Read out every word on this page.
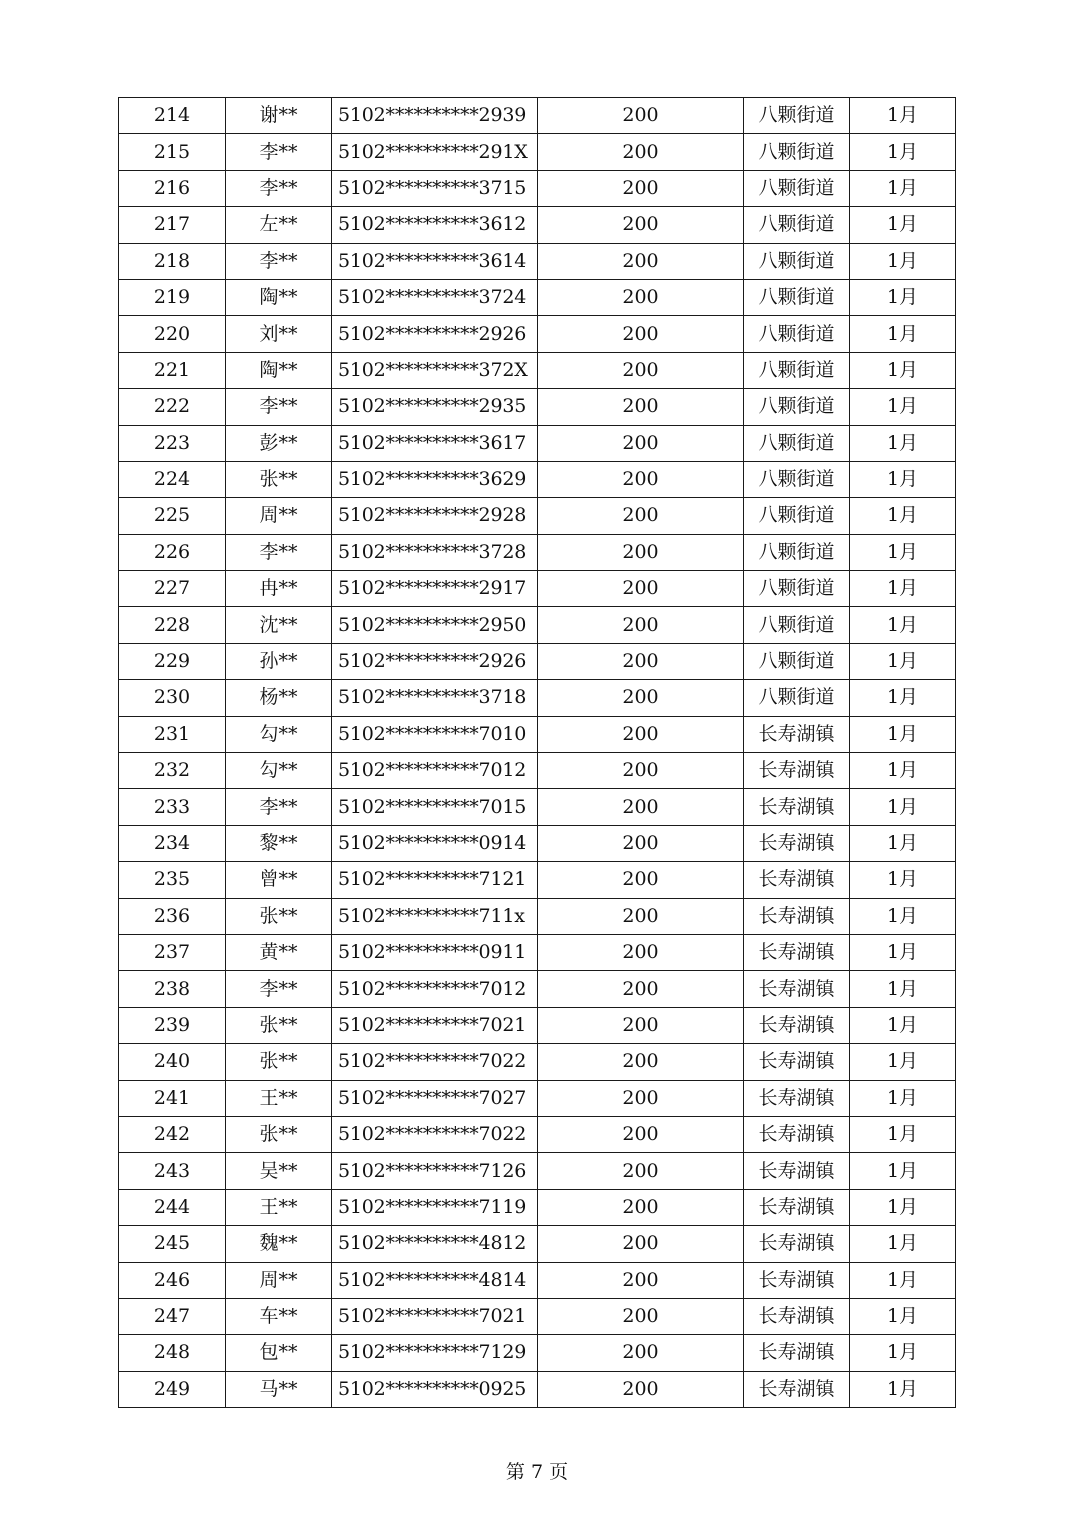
214	谢**	5102**********2939	200	八颗街道	1月
215	李**	5102**********291X	200	八颗街道	1月
216	李**	5102**********3715	200	八颗街道	1月
217	左**	5102**********3612	200	八颗街道	1月
218	李**	5102**********3614	200	八颗街道	1月
219	陶**	5102**********3724	200	八颗街道	1月
220	刘**	5102**********2926	200	八颗街道	1月
221	陶**	5102**********372X	200	八颗街道	1月
222	李**	5102**********2935	200	八颗街道	1月
223	彭**	5102**********3617	200	八颗街道	1月
224	张**	5102**********3629	200	八颗街道	1月
225	周**	5102**********2928	200	八颗街道	1月
226	李**	5102**********3728	200	八颗街道	1月
227	冉**	5102**********2917	200	八颗街道	1月
228	沈**	5102**********2950	200	八颗街道	1月
229	孙**	5102**********2926	200	八颗街道	1月
230	杨**	5102**********3718	200	八颗街道	1月
231	勾**	5102**********7010	200	长寿湖镇	1月
232	勾**	5102**********7012	200	长寿湖镇	1月
233	李**	5102**********7015	200	长寿湖镇	1月
234	黎**	5102**********0914	200	长寿湖镇	1月
235	曾**	5102**********7121	200	长寿湖镇	1月
236	张**	5102**********711x	200	长寿湖镇	1月
237	黄**	5102**********0911	200	长寿湖镇	1月
238	李**	5102**********7012	200	长寿湖镇	1月
239	张**	5102**********7021	200	长寿湖镇	1月
240	张**	5102**********7022	200	长寿湖镇	1月
241	王**	5102**********7027	200	长寿湖镇	1月
242	张**	5102**********7022	200	长寿湖镇	1月
243	吴**	5102**********7126	200	长寿湖镇	1月
244	王**	5102**********7119	200	长寿湖镇	1月
245	魏**	5102**********4812	200	长寿湖镇	1月
246	周**	5102**********4814	200	长寿湖镇	1月
247	车**	5102**********7021	200	长寿湖镇	1月
248	包**	5102**********7129	200	长寿湖镇	1月
249	马**	5102**********0925	200	长寿湖镇	1月
第 7 页
